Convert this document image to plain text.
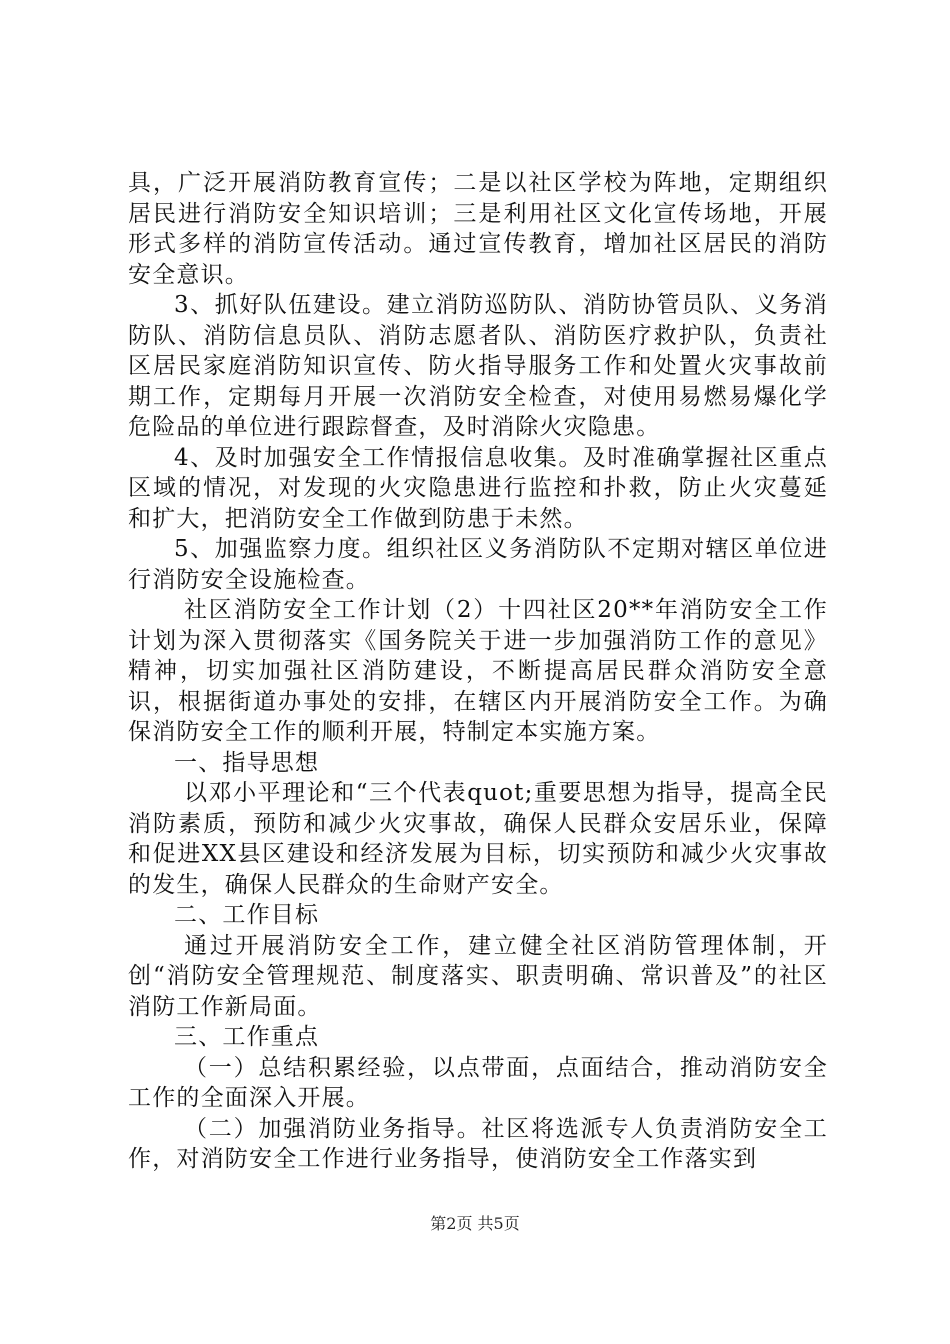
具，广泛开展消防教育宣传；二是以社区学校为阵地，定期组织居民进行消防安全知识培训；三是利用社区文化宣传场地，开展形式多样的消防宣传活动。通过宣传教育，增加社区居民的消防安全意识。

3、抓好队伍建设。建立消防巡防队、消防协管员队、义务消防队、消防信息员队、消防志愿者队、消防医疗救护队，负责社区居民家庭消防知识宣传、防火指导服务工作和处置火灾事故前期工作，定期每月开展一次消防安全检查，对使用易燃易爆化学危险品的单位进行跟踪督查，及时消除火灾隐患。

4、及时加强安全工作情报信息收集。及时准确掌握社区重点区域的情况，对发现的火灾隐患进行监控和扑救，防止火灾蔓延和扩大，把消防安全工作做到防患于未然。

5、加强监察力度。组织社区义务消防队不定期对辖区单位进行消防安全设施检查。

社区消防安全工作计划（2）十四社区20**年消防安全工作计划为深入贯彻落实《国务院关于进一步加强消防工作的意见》精神，切实加强社区消防建设，不断提高居民群众消防安全意识，根据街道办事处的安排，在辖区内开展消防安全工作。为确保消防安全工作的顺利开展，特制定本实施方案。

一、指导思想

以邓小平理论和“三个代表quot;重要思想为指导，提高全民消防素质，预防和减少火灾事故，确保人民群众安居乐业，保障和促进XX县区建设和经济发展为目标，切实预防和减少火灾事故的发生，确保人民群众的生命财产安全。

二、工作目标

通过开展消防安全工作，建立健全社区消防管理体制，开创“消防安全管理规范、制度落实、职责明确、常识普及”的社区消防工作新局面。

三、工作重点

（一）总结积累经验，以点带面，点面结合，推动消防安全工作的全面深入开展。

（二）加强消防业务指导。社区将选派专人负责消防安全工作，对消防安全工作进行业务指导，使消防安全工作落实到

第2页 共5页
